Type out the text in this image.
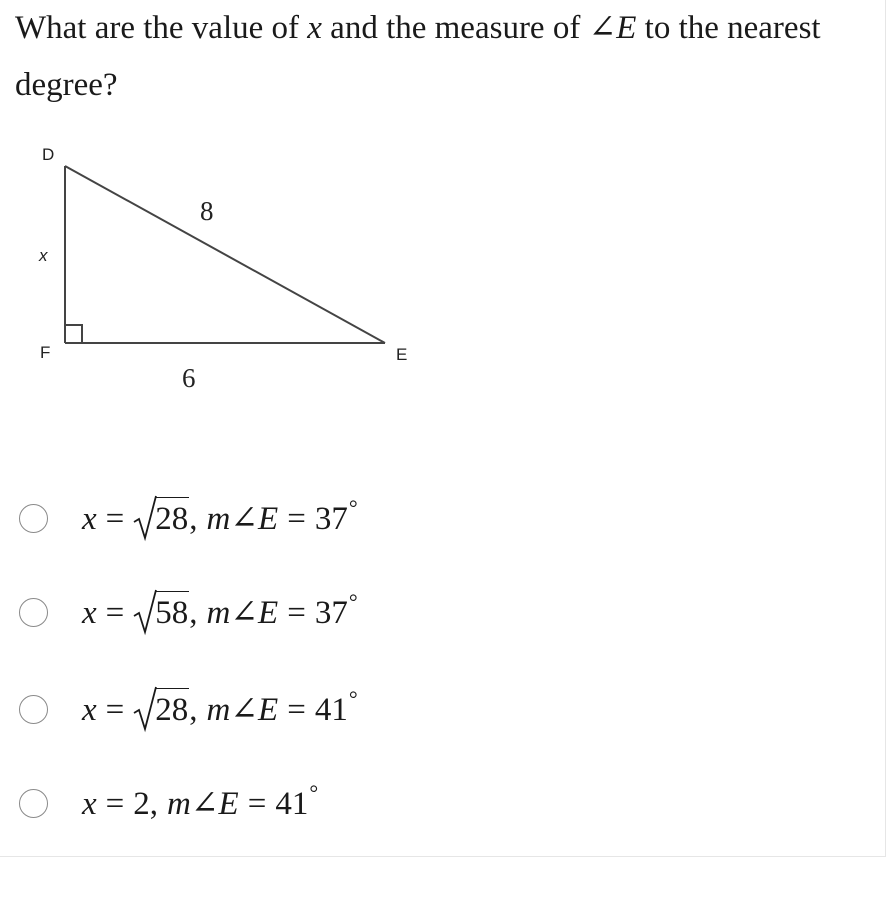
What are the value of x and the measure of ∠E to the nearest degree?

D
F	E
x
8
6
x = 28, m∠E = 37°
x = 58, m∠E = 37°
x = 28, m∠E = 41°
x = 2, m∠E = 41°
